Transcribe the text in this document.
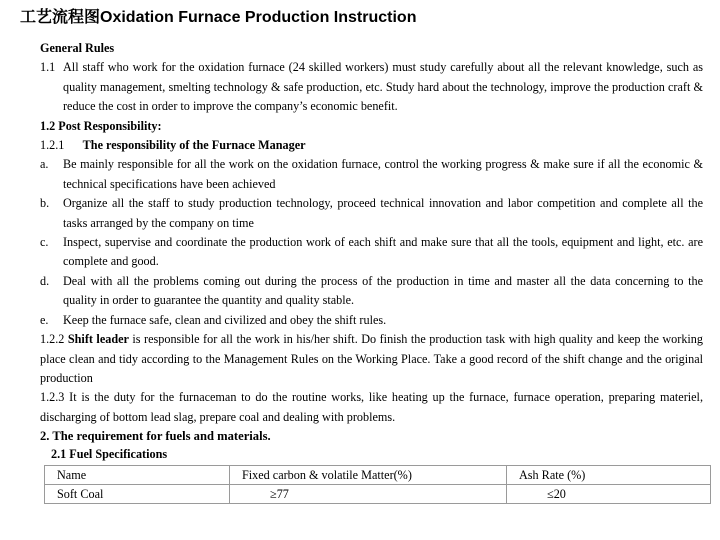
工艺流程图Oxidation Furnace Production Instruction
General Rules
1.1 All staff who work for the oxidation furnace (24 skilled workers) must study carefully about all the relevant knowledge, such as quality management, smelting technology & safe production, etc. Study hard about the technology, improve the production craft & reduce the cost in order to improve the company’s economic benefit.
1.2 Post Responsibility:
1.2.1 The responsibility of the Furnace Manager
a.	Be mainly responsible for all the work on the oxidation furnace, control the working progress & make sure if all the economic & technical specifications have been achieved
b.	Organize all the staff to study production technology, proceed technical innovation and labor competition and complete all the tasks arranged by the company on time
c.	Inspect, supervise and coordinate the production work of each shift and make sure that all the tools, equipment and light, etc. are complete and good.
d.	Deal with all the problems coming out during the process of the production in time and master all the data concerning to the quality in order to guarantee the quantity and quality stable.
e.	Keep the furnace safe, clean and civilized and obey the shift rules.
1.2.2 Shift leader is responsible for all the work in his/her shift. Do finish the production task with high quality and keep the working place clean and tidy according to the Management Rules on the Working Place. Take a good record of the shift change and the original production
1.2.3 It is the duty for the furnaceman to do the routine works, like heating up the furnace, furnace operation, preparing materiel, discharging of bottom lead slag, prepare coal and dealing with problems.
2. The requirement for fuels and materials.
2.1 Fuel Specifications
Name	Fixed carbon & volatile Matter(%)	Ash Rate (%)
Soft Coal	≥77	≤20
